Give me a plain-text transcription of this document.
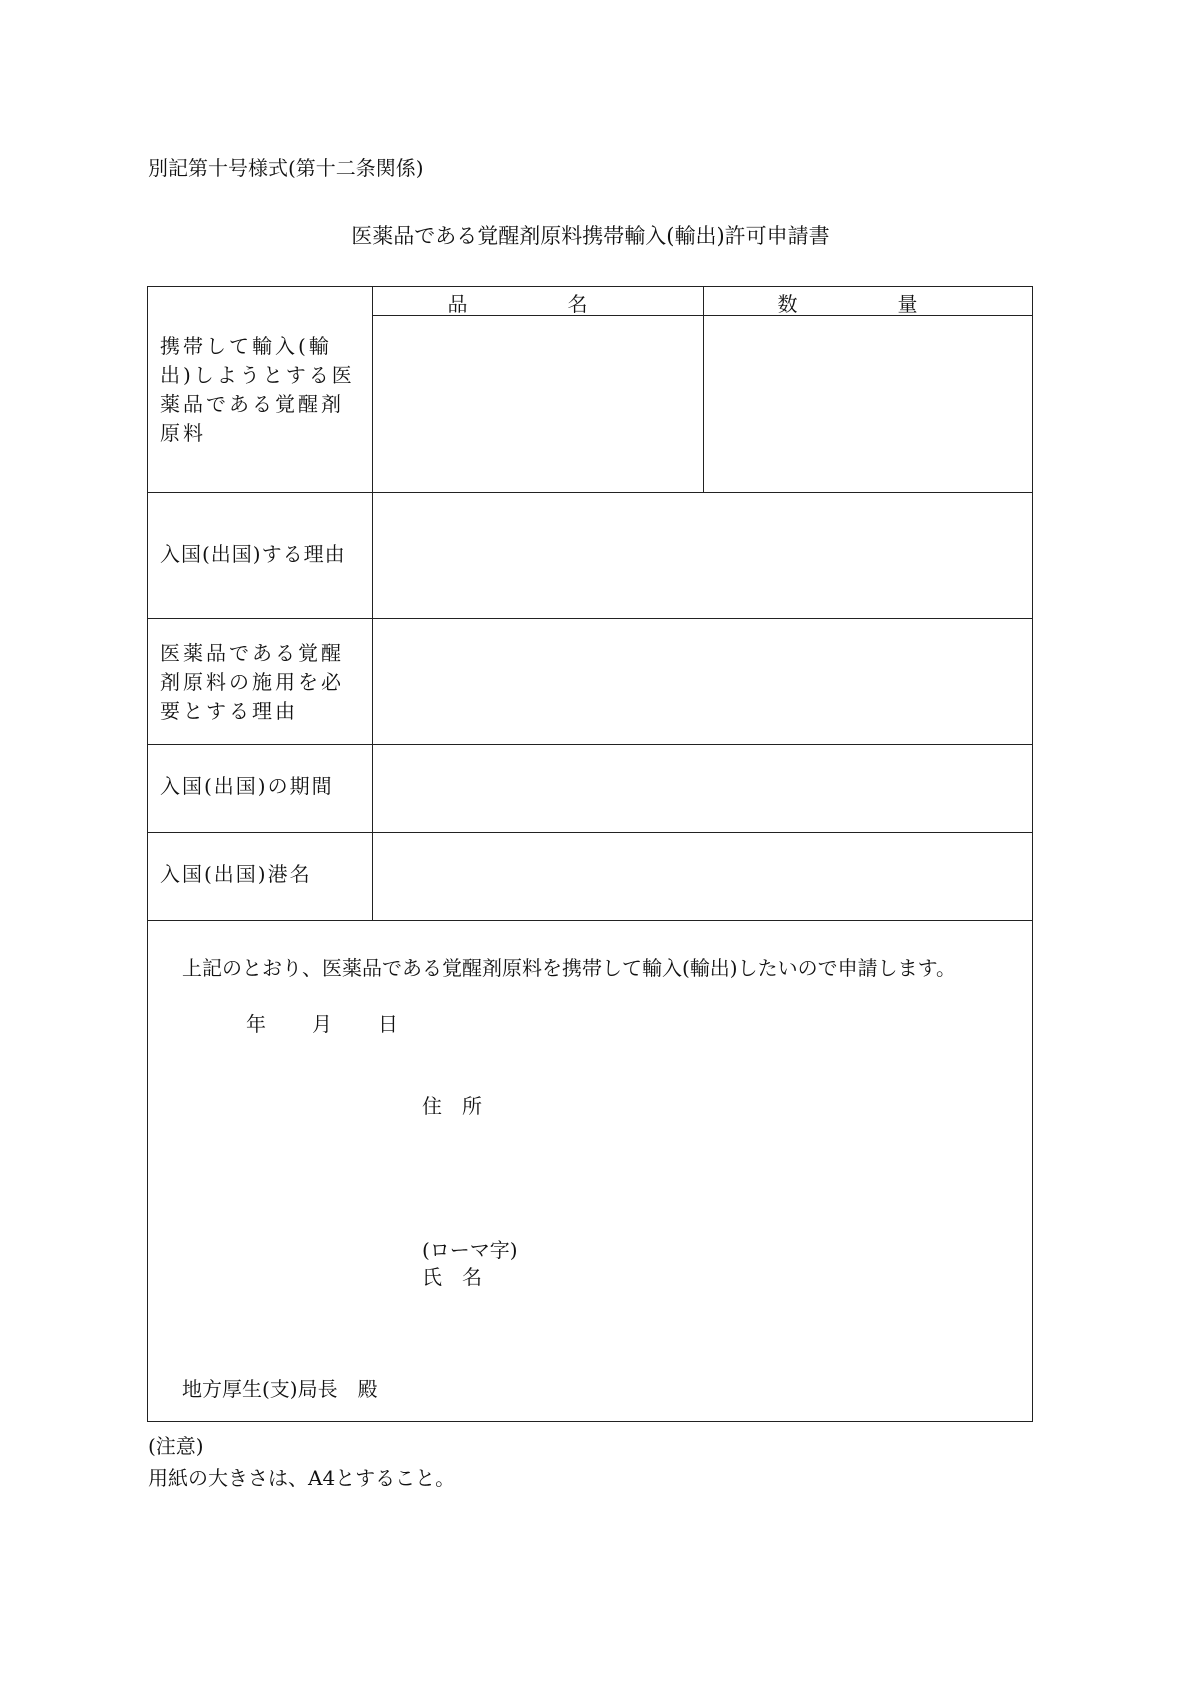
別記第十号様式(第十二条関係)
医薬品である覚醒剤原料携帯輸入(輸出)許可申請書
品　名	数　量
携帯して輸入(輸
出)しようとする医
薬品である覚醒剤
原料
入国(出国)する理由
医薬品である覚醒
剤原料の施用を必
要とする理由
入国(出国)の期間
入国(出国)港名
上記のとおり、医薬品である覚醒剤原料を携帯して輸入(輸出)したいので申請します。
年 月 日
住　所
(ローマ字)
氏　名
地方厚生(支)局長　殿
(注意)
用紙の大きさは、A4とすること。
